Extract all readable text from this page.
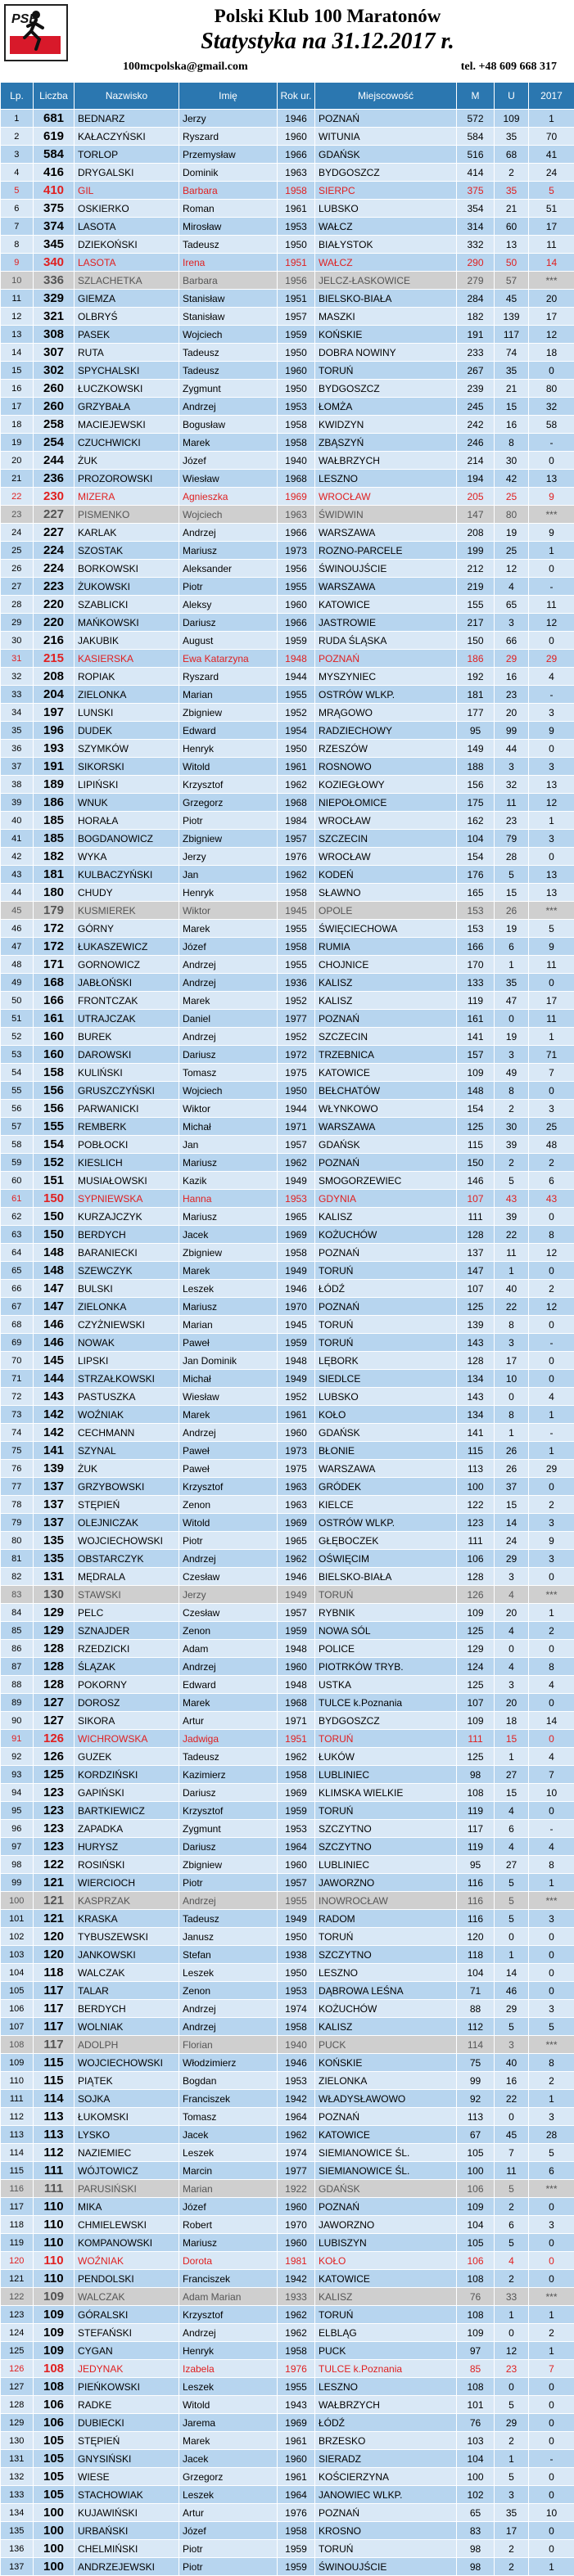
PSB	Polski Klub 100 Maratonów
Statystyka na 31.12.2017 r.
100mcpolska@gmail.com	tel. +48 609 668 317
Lp.	Liczba	Nazwisko	Imię	Rok ur.	Miejscowość	M	U	2017
1	681	BEDNARZ	Jerzy	1946	POZNAŃ	572	109	1
2	619	KAŁACZYŃSKI	Ryszard	1960	WITUNIA	584	35	70
3	584	TORLOP	Przemysław	1966	GDAŃSK	516	68	41
4	416	DRYGALSKI	Dominik	1963	BYDGOSZCZ	414	2	24
5	410	GIL	Barbara	1958	SIERPC	375	35	5
6	375	OSKIERKO	Roman	1961	LUBSKO	354	21	51
7	374	LASOTA	Mirosław	1953	WAŁCZ	314	60	17
8	345	DZIEKOŃSKI	Tadeusz	1950	BIAŁYSTOK	332	13	11
9	340	LASOTA	Irena	1951	WAŁCZ	290	50	14
10	336	SZLACHETKA	Barbara	1956	JELCZ-ŁASKOWICE	279	57	***
11	329	GIEMZA	Stanisław	1951	BIELSKO-BIAŁA	284	45	20
12	321	OLBRYŚ	Stanisław	1957	MASZKI	182	139	17
13	308	PASEK	Wojciech	1959	KOŃSKIE	191	117	12
14	307	RUTA	Tadeusz	1950	DOBRA NOWINY	233	74	18
15	302	SPYCHALSKI	Tadeusz	1960	TORUŃ	267	35	0
16	260	ŁUCZKOWSKI	Zygmunt	1950	BYDGOSZCZ	239	21	80
17	260	GRZYBAŁA	Andrzej	1953	ŁOMŻA	245	15	32
18	258	MACIEJEWSKI	Bogusław	1958	KWIDZYN	242	16	58
19	254	CZUCHWICKI	Marek	1958	ZBĄSZYŃ	246	8	-
20	244	ŻUK	Józef	1940	WAŁBRZYCH	214	30	0
21	236	PROZOROWSKI	Wiesław	1968	LESZNO	194	42	13
22	230	MIZERA	Agnieszka	1969	WROCŁAW	205	25	9
23	227	PISMENKO	Wojciech	1963	ŚWIDWIN	147	80	***
24	227	KARLAK	Andrzej	1966	WARSZAWA	208	19	9
25	224	SZOSTAK	Mariusz	1973	ROZNO-PARCELE	199	25	1
26	224	BORKOWSKI	Aleksander	1956	ŚWINOUJŚCIE	212	12	0
27	223	ŻUKOWSKI	Piotr	1955	WARSZAWA	219	4	-
28	220	SZABLICKI	Aleksy	1960	KATOWICE	155	65	11
29	220	MAŃKOWSKI	Dariusz	1966	JASTROWIE	217	3	12
30	216	JAKUBIK	August	1959	RUDA ŚLĄSKA	150	66	0
31	215	KASIERSKA	Ewa Katarzyna	1948	POZNAŃ	186	29	29
32	208	ROPIAK	Ryszard	1944	MYSZYNIEC	192	16	4
33	204	ZIELONKA	Marian	1955	OSTRÓW WLKP.	181	23	-
34	197	LUNSKI	Zbigniew	1952	MRĄGOWO	177	20	3
35	196	DUDEK	Edward	1954	RADZIECHOWY	95	99	9
36	193	SZYMKÓW	Henryk	1950	RZESZÓW	149	44	0
37	191	SIKORSKI	Witold	1961	ROSNOWO	188	3	3
38	189	LIPIŃSKI	Krzysztof	1962	KOZIEGŁOWY	156	32	13
39	186	WNUK	Grzegorz	1968	NIEPOŁOMICE	175	11	12
40	185	HORAŁA	Piotr	1984	WROCŁAW	162	23	1
41	185	BOGDANOWICZ	Zbigniew	1957	SZCZECIN	104	79	3
42	182	WYKA	Jerzy	1976	WROCŁAW	154	28	0
43	181	KULBACZYŃSKI	Jan	1962	KODEŃ	176	5	13
44	180	CHUDY	Henryk	1958	SŁAWNO	165	15	13
45	179	KUSMIEREK	Wiktor	1945	OPOLE	153	26	***
46	172	GÓRNY	Marek	1955	ŚWIĘCIECHOWA	153	19	5
47	172	ŁUKASZEWICZ	Józef	1958	RUMIA	166	6	9
48	171	GORNOWICZ	Andrzej	1955	CHOJNICE	170	1	11
49	168	JABŁOŃSKI	Andrzej	1936	KALISZ	133	35	0
50	166	FRONTCZAK	Marek	1952	KALISZ	119	47	17
51	161	UTRAJCZAK	Daniel	1977	POZNAŃ	161	0	11
52	160	BUREK	Andrzej	1952	SZCZECIN	141	19	1
53	160	DAROWSKI	Dariusz	1972	TRZEBNICA	157	3	71
54	158	KULIŃSKI	Tomasz	1975	KATOWICE	109	49	7
55	156	GRUSZCZYŃSKI	Wojciech	1950	BEŁCHATÓW	148	8	0
56	156	PARWANICKI	Wiktor	1944	WŁYNKOWO	154	2	3
57	155	REMBERK	Michał	1971	WARSZAWA	125	30	25
58	154	POBŁOCKI	Jan	1957	GDAŃSK	115	39	48
59	152	KIESLICH	Mariusz	1962	POZNAŃ	150	2	2
60	151	MUSIAŁOWSKI	Kazik	1949	SMOGORZEWIEC	146	5	6
61	150	SYPNIEWSKA	Hanna	1953	GDYNIA	107	43	43
62	150	KURZAJCZYK	Mariusz	1965	KALISZ	111	39	0
63	150	BERDYCH	Jacek	1969	KOŻUCHÓW	128	22	8
64	148	BARANIECKI	Zbigniew	1958	POZNAŃ	137	11	12
65	148	SZEWCZYK	Marek	1949	TORUŃ	147	1	0
66	147	BULSKI	Leszek	1946	ŁÓDŹ	107	40	2
67	147	ZIELONKA	Mariusz	1970	POZNAŃ	125	22	12
68	146	CZYŻNIEWSKI	Marian	1945	TORUŃ	139	8	0
69	146	NOWAK	Paweł	1959	TORUŃ	143	3	-
70	145	LIPSKI	Jan Dominik	1948	LĘBORK	128	17	0
71	144	STRZAŁKOWSKI	Michał	1949	SIEDLCE	134	10	0
72	143	PASTUSZKA	Wiesław	1952	LUBSKO	143	0	4
73	142	WOŹNIAK	Marek	1961	KOŁO	134	8	1
74	142	CECHMANN	Andrzej	1960	GDAŃSK	141	1	-
75	141	SZYNAL	Paweł	1973	BŁONIE	115	26	1
76	139	ŻUK	Paweł	1975	WARSZAWA	113	26	29
77	137	GRZYBOWSKI	Krzysztof	1963	GRÓDEK	100	37	0
78	137	STĘPIEŃ	Zenon	1963	KIELCE	122	15	2
79	137	OLEJNICZAK	Witold	1969	OSTRÓW WLKP.	123	14	3
80	135	WOJCIECHOWSKI	Piotr	1965	GŁĘBOCZEK	111	24	9
81	135	OBSTARCZYK	Andrzej	1962	OŚWIĘCIM	106	29	3
82	131	MĘDRALA	Czesław	1946	BIELSKO-BIAŁA	128	3	0
83	130	STAWSKI	Jerzy	1949	TORUŃ	126	4	***
84	129	PELC	Czesław	1957	RYBNIK	109	20	1
85	129	SZNAJDER	Zenon	1959	NOWA SÓL	125	4	2
86	128	RZEDZICKI	Adam	1948	POLICE	129	0	0
87	128	ŚLĄZAK	Andrzej	1960	PIOTRKÓW TRYB.	124	4	8
88	128	POKORNY	Edward	1948	USTKA	125	3	4
89	127	DOROSZ	Marek	1968	TULCE k.Poznania	107	20	0
90	127	SIKORA	Artur	1971	BYDGOSZCZ	109	18	14
91	126	WICHROWSKA	Jadwiga	1951	TORUŃ	111	15	0
92	126	GUZEK	Tadeusz	1962	ŁUKÓW	125	1	4
93	125	KORDZIŃSKI	Kazimierz	1958	LUBLINIEC	98	27	7
94	123	GAPIŃSKI	Dariusz	1969	KLIMSKA WIELKIE	108	15	10
95	123	BARTKIEWICZ	Krzysztof	1959	TORUŃ	119	4	0
96	123	ZAPADKA	Zygmunt	1953	SZCZYTNO	117	6	-
97	123	HURYSZ	Dariusz	1964	SZCZYTNO	119	4	4
98	122	ROSIŃSKI	Zbigniew	1960	LUBLINIEC	95	27	8
99	121	WIERCIOCH	Piotr	1957	JAWORZNO	116	5	1
100	121	KASPRZAK	Andrzej	1955	INOWROCŁAW	116	5	***
101	121	KRASKA	Tadeusz	1949	RADOM	116	5	3
102	120	TYBUSZEWSKI	Janusz	1950	TORUŃ	120	0	0
103	120	JANKOWSKI	Stefan	1938	SZCZYTNO	118	1	0
104	118	WALCZAK	Leszek	1950	LESZNO	104	14	0
105	117	TALAR	Zenon	1953	DĄBROWA LEŚNA	71	46	0
106	117	BERDYCH	Andrzej	1974	KOŻUCHÓW	88	29	3
107	117	WOLNIAK	Andrzej	1958	KALISZ	112	5	5
108	117	ADOLPH	Florian	1940	PUCK	114	3	***
109	115	WOJCIECHOWSKI	Włodzimierz	1946	KOŃSKIE	75	40	8
110	115	PIĄTEK	Bogdan	1953	ZIELONKA	99	16	2
111	114	SOJKA	Franciszek	1942	WŁADYSŁAWOWO	92	22	1
112	113	ŁUKOMSKI	Tomasz	1964	POZNAŃ	113	0	3
113	113	LYSKO	Jacek	1962	KATOWICE	67	45	28
114	112	NAZIEMIEC	Leszek	1974	SIEMIANOWICE ŚL.	105	7	5
115	111	WÓJTOWICZ	Marcin	1977	SIEMIANOWICE ŚL.	100	11	6
116	111	PARUSIŃSKI	Marian	1922	GDAŃSK	106	5	***
117	110	MIKA	Józef	1960	POZNAŃ	109	2	0
118	110	CHMIELEWSKI	Robert	1970	JAWORZNO	104	6	3
119	110	KOMPANOWSKI	Mariusz	1960	LUBISZYN	105	5	0
120	110	WOŹNIAK	Dorota	1981	KOŁO	106	4	0
121	110	PENDOLSKI	Franciszek	1942	KATOWICE	108	2	0
122	109	WALCZAK	Adam Marian	1933	KALISZ	76	33	***
123	109	GÓRALSKI	Krzysztof	1962	TORUŃ	108	1	1
124	109	STEFAŃSKI	Andrzej	1962	ELBLĄG	109	0	2
125	109	CYGAN	Henryk	1958	PUCK	97	12	1
126	108	JEDYNAK	Izabela	1976	TULCE k.Poznania	85	23	7
127	108	PIEŃKOWSKI	Leszek	1955	LESZNO	108	0	0
128	106	RADKE	Witold	1943	WAŁBRZYCH	101	5	0
129	106	DUBIECKI	Jarema	1969	ŁÓDŹ	76	29	0
130	105	STĘPIEŃ	Marek	1961	BRZESKO	103	2	0
131	105	GNYSIŃSKI	Jacek	1960	SIERADZ	104	1	-
132	105	WIESE	Grzegorz	1961	KOŚCIERZYNA	100	5	0
133	105	STACHOWIAK	Leszek	1964	JANOWIEC WLKP.	102	3	0
134	100	KUJAWIŃSKI	Artur	1976	POZNAŃ	65	35	10
135	100	URBAŃSKI	Józef	1958	KROSNO	83	17	0
136	100	CHELMIŃSKI	Piotr	1959	TORUŃ	98	2	0
137	100	ANDRZEJEWSKI	Piotr	1959	ŚWINOUJŚCIE	98	2	1
